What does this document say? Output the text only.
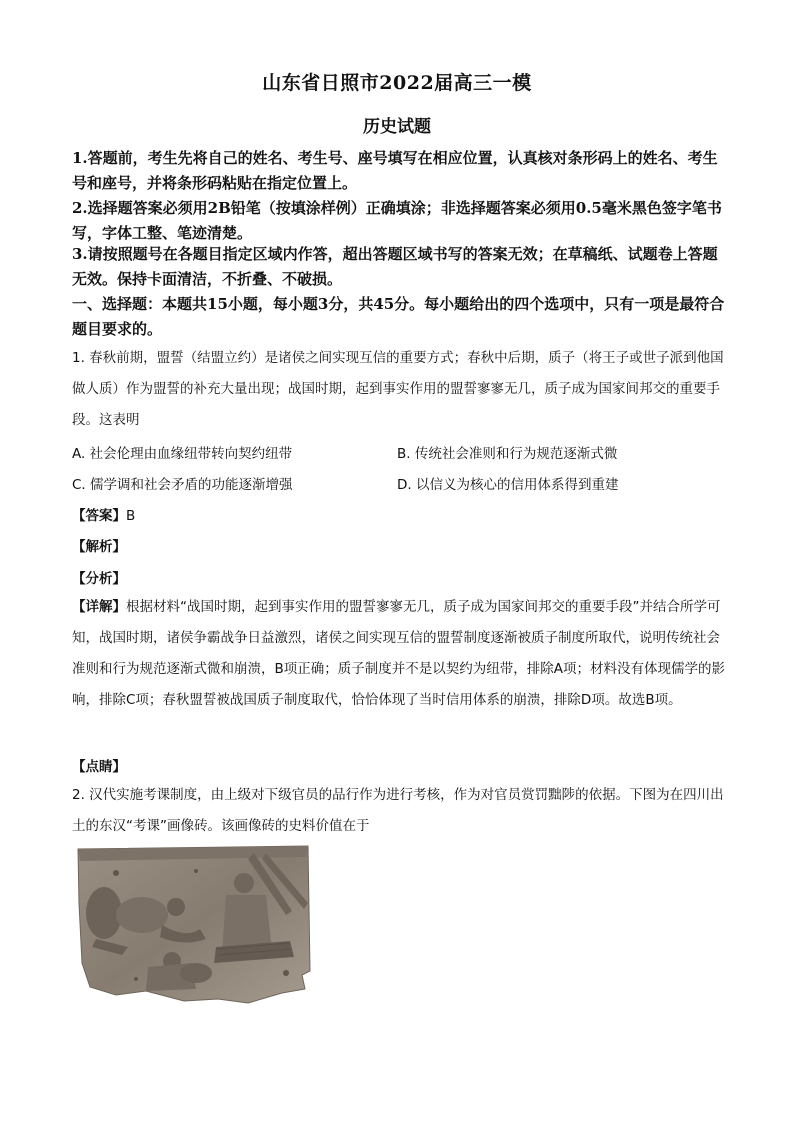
山东省日照市2022届高三一模
历史试题
1.答题前，考生先将自己的姓名、考生号、座号填写在相应位置，认真核对条形码上的姓名、考生号和座号，并将条形码粘贴在指定位置上。
2.选择题答案必须用2B铅笔（按填涂样例）正确填涂；非选择题答案必须用0.5毫米黑色签字笔书写，字体工整、笔迹清楚。
3.请按照题号在各题目指定区域内作答，超出答题区域书写的答案无效；在草稿纸、试题卷上答题无效。保持卡面清洁，不折叠、不破损。
一、选择题：本题共15小题，每小题3分，共45分。每小题给出的四个选项中，只有一项是最符合题目要求的。
1. 春秋前期，盟誓（结盟立约）是诸侯之间实现互信的重要方式；春秋中后期，质子（将王子或世子派到他国做人质）作为盟誓的补充大量出现；战国时期，起到事实作用的盟誓寥寥无几，质子成为国家间邦交的重要手段。这表明
A. 社会伦理由血缘纽带转向契约纽带	B. 传统社会准则和行为规范逐渐式微
C. 儒学调和社会矛盾的功能逐渐增强	D. 以信义为核心的信用体系得到重建
【答案】B
【解析】
【分析】
【详解】根据材料“战国时期，起到事实作用的盟誓寥寥无几，质子成为国家间邦交的重要手段”并结合所学可知，战国时期，诸侯争霸战争日益激烈，诸侯之间实现互信的盟誓制度逐渐被质子制度所取代，说明传统社会准则和行为规范逐渐式微和崩溃，B项正确；质子制度并不是以契约为纽带，排除A项；材料没有体现儒学的影响，排除C项；春秋盟誓被战国质子制度取代，恰恰体现了当时信用体系的崩溃，排除D项。故选B项。
【点睛】
2. 汉代实施考课制度，由上级对下级官员的品行作为进行考核，作为对官员赏罚黜陟的依据。下图为在四川出土的东汉“考课”画像砖。该画像砖的史料价值在于
